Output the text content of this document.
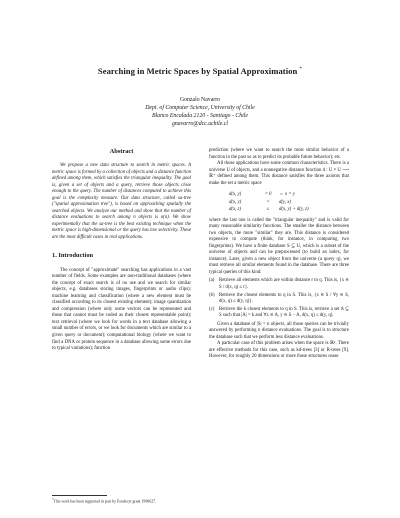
Searching in Metric Spaces by Spatial Approximation *
Gonzalo Navarro
Dept. of Computer Science, University of Chile
Blanco Encalada 2120 - Santiago - Chile
gnavarro@dcc.uchile.cl
Abstract

We propose a new data structure to search in metric spaces. A metric space is formed by a collection of objects and a distance function defined among them, which satisfies the triangular inequality. The goal is, given a set of objects and a query, retrieve those objects close enough to the query. The number of distances computed to achieve this goal is the complexity measure. Our data structure, called sa-tree ("spatial approximation tree"), is based on approaching spatially the searched objects. We analyze our method and show that the number of distance evaluations to search among n objects is o(n). We show experimentally that the sa-tree is the best existing technique when the metric space is high-dimensional or the query has low selectivity. These are the most difficult cases in real applications.

1. Introduction

The concept of "approximate" searching has applications in a vast number of fields. Some examples are non-traditional databases (where the concept of exact search is of no use and we search for similar objects, e.g. databases storing images, fingerprints or audio clips); machine learning and classification (where a new element must be classified according to its closest existing element); image quantization and compression (where only some vectors can be represented and those that cannot must be coded as their closest representable point); text retrieval (where we look for words in a text database allowing a small number of errors, or we look for documents which are similar to a given query or document); computational biology (where we want to find a DNA or protein sequence in a database allowing some errors due to typical variations); function

*This work has been supported in part by Fondecyt grant 1990627.

prediction (where we want to search the most similar behavior of a function in the past so as to predict its probable future behavior); etc.

All those applications have some common characteristics. There is a universe U of objects, and a nonnegative distance function d : U × U ⟶ ℝ⁺ defined among them. This distance satisfies the three axioms that make the set a metric space

d(x, y)	= 0	⇔ x = y
d(x, y)	=	d(y, x)
d(x, z)	≤	d(x, y) + d(y, z)

where the last one is called the "triangular inequality" and is valid for many reasonable similarity functions. The smaller the distance between two objects, the more "similar" they are. This distance is considered expensive to compute (think, for instance, in comparing two fingerprints). We have a finite database S ⊆ U, which is a subset of the universe of objects and can be preprocessed (to build an index, for instance). Later, given a new object from the universe (a query q), we must retrieve all similar elements found in the database. There are three typical queries of this kind:

(a) Retrieve all elements which are within distance r to q. This is, {x ∈ S / d(x, q) ≤ r}.
(b) Retrieve the closest elements to q in S. This is, {x ∈ S / ∀y ∈ S, d(x, q) ≤ d(y, q)}.
(c) Retrieve the k closest elements to q in S. This is, retrieve a set A ⊆ S such that |A| = k and ∀x ∈ A, y ∈ S − A, d(x, q) ≤ d(y, q).

Given a database of |S| = n objects, all those queries can be trivially answered by performing n distance evaluations. The goal is to structure the database such that we perform less distance evaluations.

A particular case of this problem arises when the space is ℝᵏ. There are effective methods for this case, such as kd-trees [3] or R-trees [9]. However, for roughly 20 dimensions or more those structures cease
